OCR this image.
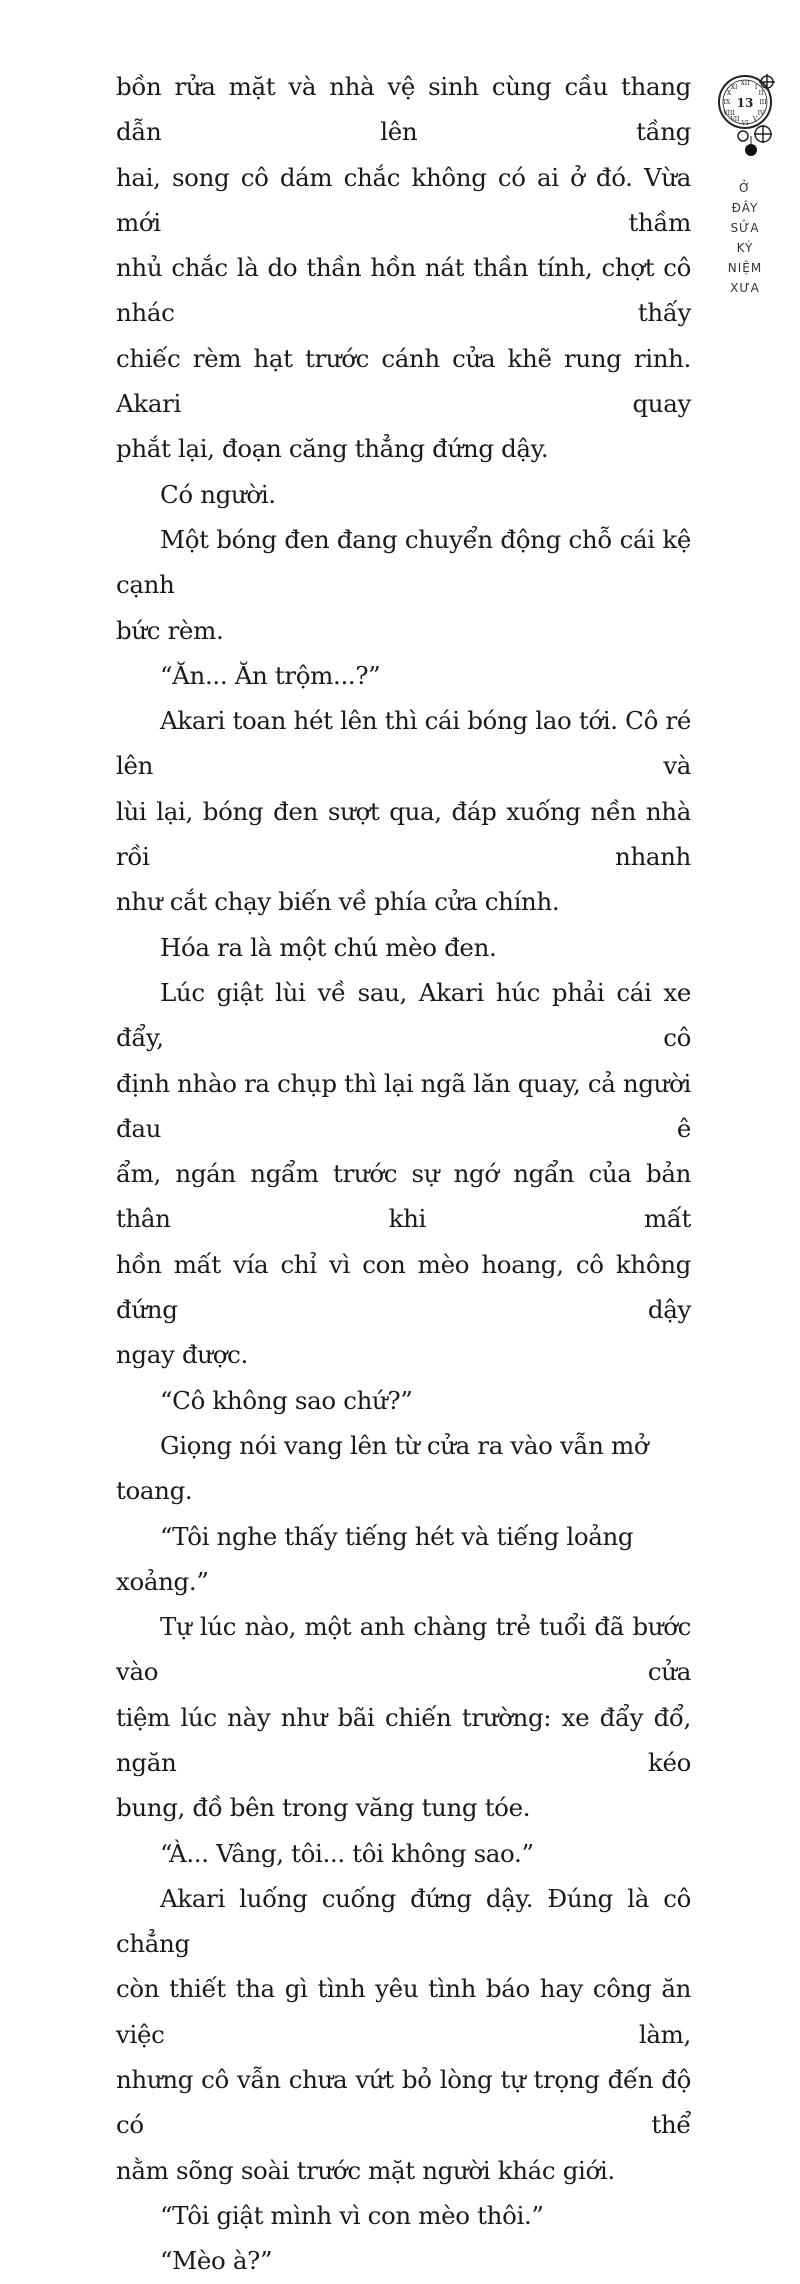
bồn rửa mặt và nhà vệ sinh cùng cầu thang dẫn lên tầng

hai, song cô dám chắc không có ai ở đó. Vừa mới thầm

nhủ chắc là do thần hồn nát thần tính, chợt cô nhác thấy

chiếc rèm hạt trước cánh cửa khẽ rung rinh. Akari quay

phắt lại, đoạn căng thẳng đứng dậy.

Có người.

Một bóng đen đang chuyển động chỗ cái kệ cạnh

bức rèm.

“Ăn... Ăn trộm...?”

Akari toan hét lên thì cái bóng lao tới. Cô ré lên và

lùi lại, bóng đen sượt qua, đáp xuống nền nhà rồi nhanh

như cắt chạy biến về phía cửa chính.

Hóa ra là một chú mèo đen.

Lúc giật lùi về sau, Akari húc phải cái xe đẩy, cô

định nhào ra chụp thì lại ngã lăn quay, cả người đau ê

ẩm, ngán ngẩm trước sự ngớ ngẩn của bản thân khi mất

hồn mất vía chỉ vì con mèo hoang, cô không đứng dậy

ngay được.

“Cô không sao chứ?”

Giọng nói vang lên từ cửa ra vào vẫn mở toang.

“Tôi nghe thấy tiếng hét và tiếng loảng xoảng.”

Tự lúc nào, một anh chàng trẻ tuổi đã bước vào cửa

tiệm lúc này như bãi chiến trường: xe đẩy đổ, ngăn kéo

bung, đồ bên trong văng tung tóe.

“À... Vâng, tôi... tôi không sao.”

Akari luống cuống đứng dậy. Đúng là cô chẳng

còn thiết tha gì tình yêu tình báo hay công ăn việc làm,

nhưng cô vẫn chưa vứt bỏ lòng tự trọng đến độ có thể

nằm sõng soài trước mặt người khác giới.

“Tôi giật mình vì con mèo thôi.”

“Mèo à?”

XII
III
VI
IX
I
II
IV
V
VII
VIII
X
XI
13
Ở
ĐÂY
SỬA
KÝ
NIỆM
XƯA
